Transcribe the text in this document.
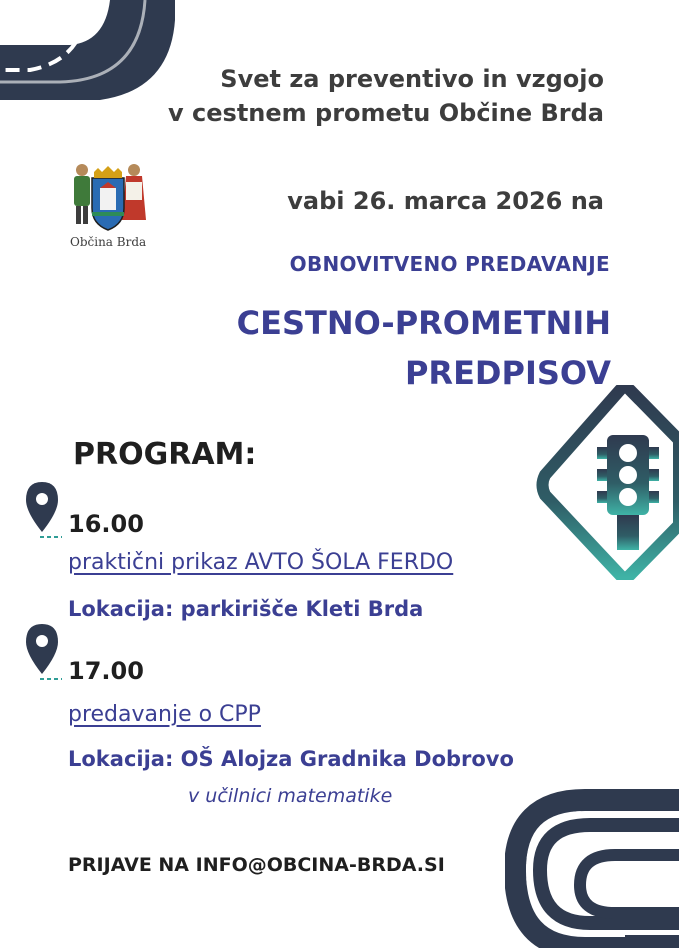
Svet za preventivo in vzgojo
v cestnem prometu Občine Brda
Občina Brda
vabi 26. marca 2026 na
OBNOVITVENO PREDAVANJE
CESTNO-PROMETNIH
PREDPISOV
PROGRAM:
16.00
praktični prikaz AVTO ŠOLA FERDO
Lokacija: parkirišče Kleti Brda
17.00
predavanje o CPP
Lokacija: OŠ Alojza Gradnika Dobrovo
v učilnici matematike
PRIJAVE NA INFO@OBCINA-BRDA.SI
